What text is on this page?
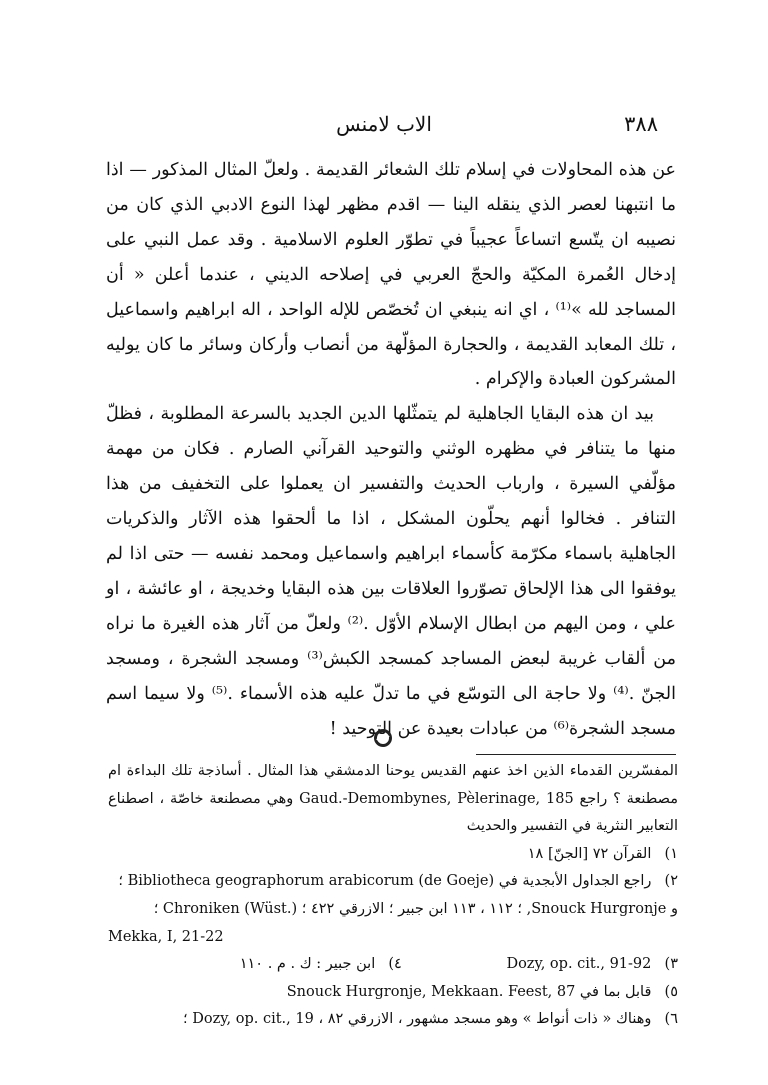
٣٨٨
الاب لامنس

عن هذه المحاولات في إسلام تلك الشعائر القديمة . ولعلّ المثال المذكور — اذا ما انتبهنا لعصر الذي ينقله الينا — اقدم مظهر لهذا النوع الادبي الذي كان من نصيبه ان يتّسع اتساعاً عجيباً في تطوّر العلوم الاسلامية . وقد عمل النبي على إدخال العُمرة المكيّة والحجّ العربي في إصلاحه الديني ، عندما أعلن « أن المساجد لله »⁽¹⁾ ، اي انه ينبغي ان تُخصّص للإله الواحد ، اله ابراهيم واسماعيل ، تلك المعابد القديمة ، والحجارة المؤلّهة من أنصاب وأركان وسائر ما كان يوليه المشركون العبادة والإكرام .

بيد ان هذه البقايا الجاهلية لم يتمثّلها الدين الجديد بالسرعة المطلوبة ، فظلّ منها ما يتنافر في مظهره الوثني والتوحيد القرآني الصارم . فكان من مهمة مؤلّفي السيرة ، وارباب الحديث والتفسير ان يعملوا على التخفيف من هذا التنافر . فخالوا أنهم يحلّون المشكل ، اذا ما ألحقوا هذه الآثار والذكريات الجاهلية باسماء مكرّمة كأسماء ابراهيم واسماعيل ومحمد نفسه — حتى اذا لم يوفقوا الى هذا الإلحاق تصوّروا العلاقات بين هذه البقايا وخديجة ، او عائشة ، او علي ، ومن اليهم من ابطال الإسلام الأوّل .⁽²⁾ ولعلّ من آثار هذه الغيرة ما نراه من ألقاب غريبة لبعض المساجد كمسجد الكبش⁽³⁾ ومسجد الشجرة ، ومسجد الجنّ .⁽⁴⁾ ولا حاجة الى التوسّع في ما تدلّ عليه هذه الأسماء .⁽⁵⁾ ولا سيما اسم مسجد الشجرة⁽⁶⁾ من عبادات بعيدة عن التوحيد !

المفسّرين القدماء الذين اخذ عنهم القديس يوحنا الدمشقي هذا المثال . أساذجة تلك البداءة ام مصطنعة ؟ راجع Gaud.-Demombynes, Pèlerinage, 185 وهي مصطنعة خاصّة ، اصطناع التعابير النثرية في التفسير والحديث

١) القرآن ٧٢ [الجنّ] ١٨

٢) راجع الجداول الأبجدية في Bibliotheca geographorum arabicorum (de Goeje) ؛

و Snouck Hurgronje, ؛ ١١٢ ، ١١٣ ابن جبير ؛ الازرقي ٤٢٢ ؛ Chroniken (Wüst.) ؛

Mekka, I, 21-22

٣) Dozy, op. cit., 91-92 ٤) ابن جبير : ك . م . ١١٠

٥) قابل بما في Snouck Hurgronje, Mekkaan. Feest, 87

٦) وهناك « ذات أنواط » وهو مسجد مشهور ، الازرقي ٨٢ ، Dozy, op. cit., 19 ؛
